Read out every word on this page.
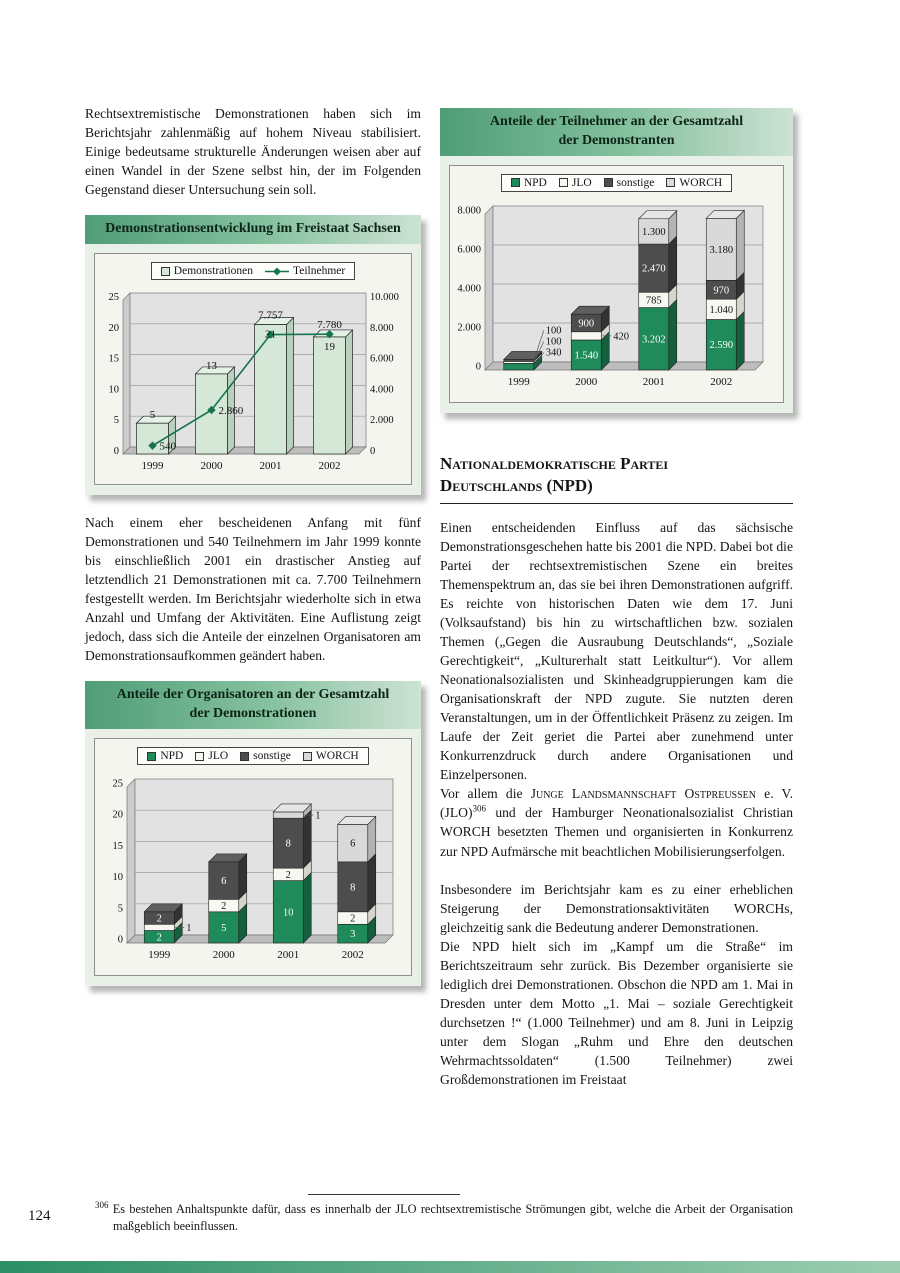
Rechtsextremistische Demonstrationen haben sich im Berichtsjahr zahlenmäßig auf hohem Niveau stabilisiert. Einige bedeutsame strukturelle Änderungen weisen aber auf einen Wandel in der Szene selbst hin, der im Folgenden Gegenstand dieser Untersuchung sein soll.

Demonstrationsentwicklung im Freistaat Sachsen
Demonstrationen	Teilnehmer
0	0
5	2.000
10	4.000
15	6.000
20	8.000
25	10.000
1999	2000	2001	2002
5
540
13
2.860
21
7.757
19
7.780

Nach einem eher bescheidenen Anfang mit fünf Demonstrationen und 540 Teilnehmern im Jahr 1999 konnte bis einschließlich 2001 ein drastischer Anstieg auf letztendlich 21 Demonstrationen mit ca. 7.700 Teilnehmern festgestellt werden. Im Berichtsjahr wiederholte sich in etwa Anzahl und Umfang der Aktivitäten. Eine Auflistung zeigt jedoch, dass sich die Anteile der einzelnen Organisatoren am Demonstrationsaufkommen geändert haben.

Anteile der Organisatoren an der Gesamtzahl
der Demonstrationen
NPD JLO sonstige WORCH
0
5
10
15
20
25
1999	2000	2001	2002
2
2
1	5
2
6
10
2
8
1
3
2
8
6
Anteile der Teilnehmer an der Gesamtzahl
der Demonstranten
NPD JLO sonstige WORCH
0
2.000
4.000
6.000
8.000
1999	2000	2001	2002
340
100
100
1.540
900
420 3.202
785
2.470
1.300
2.590
1.040
970
3.180
Nationaldemokratische Partei
Deutschlands (NPD)

Einen entscheidenden Einfluss auf das sächsische Demonstrationsgeschehen hatte bis 2001 die NPD. Dabei bot die Partei der rechtsextremistischen Szene ein breites Themenspektrum an, das sie bei ihren Demonstrationen aufgriff. Es reichte von historischen Daten wie dem 17. Juni (Volksaufstand) bis hin zu wirtschaftlichen bzw. sozialen Themen („Gegen die Ausraubung Deutschlands“, „Soziale Gerechtigkeit“, „Kulturerhalt statt Leitkultur“). Vor allem Neonationalsozialisten und Skinheadgruppierungen kam die Organisationskraft der NPD zugute. Sie nutzten deren Veranstaltungen, um in der Öffentlichkeit Präsenz zu zeigen. Im Laufe der Zeit geriet die Partei aber zunehmend unter Konkurrenzdruck durch andere Organisationen und Einzelpersonen.

Vor allem die Junge Landsmannschaft Ostpreußen e. V. (JLO)$^{306}$ und der Hamburger Neonationalsozialist Christian WORCH besetzten Themen und organisierten in Konkurrenz zur NPD Aufmärsche mit beachtlichen Mobilisierungserfolgen.

Insbesondere im Berichtsjahr kam es zu einer erheblichen Steigerung der Demonstrationsaktivitäten WORCHs, gleichzeitig sank die Bedeutung anderer Demonstrationen.

Die NPD hielt sich im „Kampf um die Straße“ im Berichtszeitraum sehr zurück. Bis Dezember organisierte sie lediglich drei Demonstrationen. Obschon die NPD am 1. Mai in Dresden unter dem Motto „1. Mai – soziale Gerechtigkeit durchsetzen !“ (1.000 Teilnehmer) und am 8. Juni in Leipzig unter dem Slogan „Ruhm und Ehre den deutschen Wehrmachtssoldaten“ (1.500 Teilnehmer) zwei Großdemonstrationen im Freistaat

$^{306}$ Es bestehen Anhaltspunkte dafür, dass es innerhalb der JLO rechtsextremistische Strömungen gibt, welche die Arbeit der Organisation maßgeblich beeinflussen.
124
